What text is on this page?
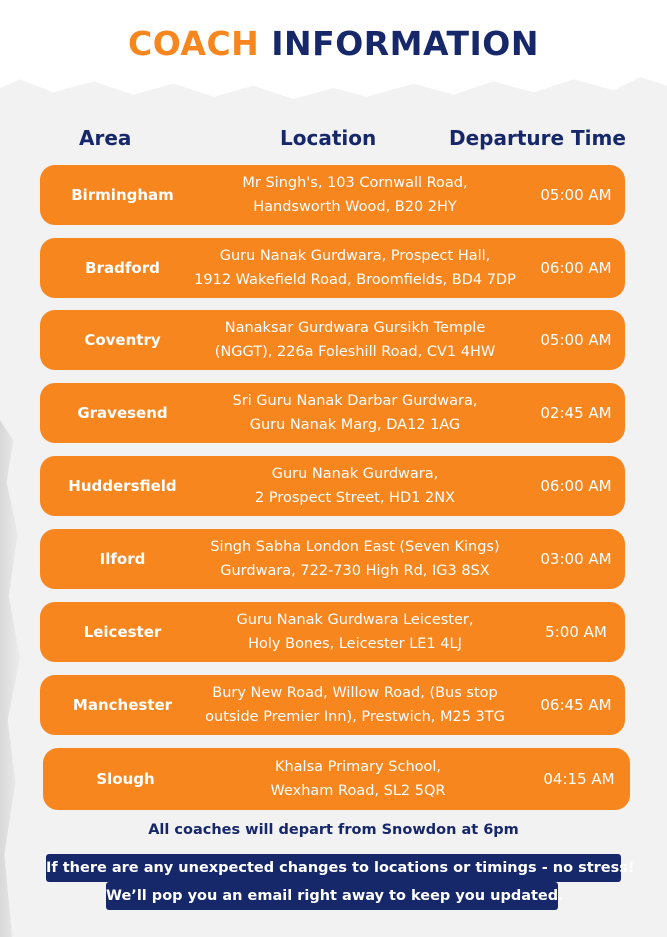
COACH INFORMATION
Area	Location	Departure Time
Birmingham
Mr Singh's, 103 Cornwall Road,
Handsworth Wood, B20 2HY
05:00 AM
Bradford
Guru Nanak Gurdwara, Prospect Hall,
1912 Wakefield Road, Broomfields, BD4 7DP
06:00 AM
Coventry
Nanaksar Gurdwara Gursikh Temple
(NGGT), 226a Foleshill Road, CV1 4HW
05:00 AM
Gravesend
Sri Guru Nanak Darbar Gurdwara,
Guru Nanak Marg, DA12 1AG
02:45 AM
Huddersfield
Guru Nanak Gurdwara,
2 Prospect Street, HD1 2NX
06:00 AM
Ilford
Singh Sabha London East (Seven Kings)
Gurdwara, 722-730 High Rd, IG3 8SX
03:00 AM
Leicester
Guru Nanak Gurdwara Leicester,
Holy Bones, Leicester LE1 4LJ
5:00 AM
Manchester
Bury New Road, Willow Road, (Bus stop
outside Premier Inn), Prestwich, M25 3TG
06:45 AM
Slough
Khalsa Primary School,
Wexham Road, SL2 5QR
04:15 AM
All coaches will depart from Snowdon at 6pm
If there are any unexpected changes to locations or timings - no stress!
We’ll pop you an email right away to keep you updated.
